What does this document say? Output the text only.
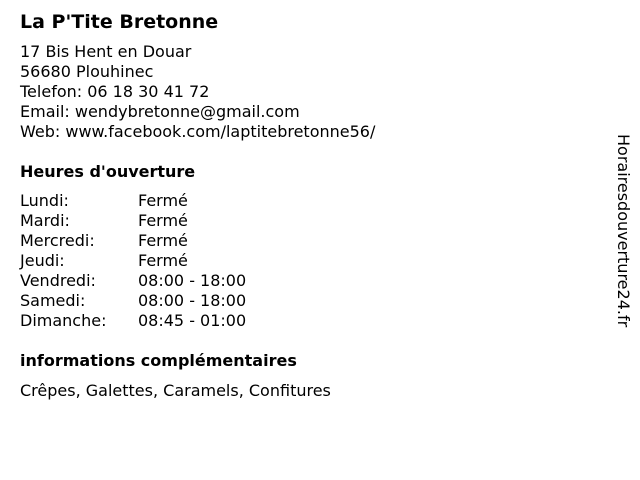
La P'Tite Bretonne
17 Bis Hent en Douar
56680 Plouhinec
Telefon: 06 18 30 41 72
Email: wendybretonne@gmail.com
Web: www.facebook.com/laptitebretonne56/
Heures d'ouverture
Lundi:	Fermé
Mardi:	Fermé
Mercredi:	Fermé
Jeudi:	Fermé
Vendredi:	08:00 - 18:00
Samedi:	08:00 - 18:00
Dimanche:	08:45 - 01:00
informations complémentaires
Crêpes, Galettes, Caramels, Confitures
Horairesdouverture24.fr
